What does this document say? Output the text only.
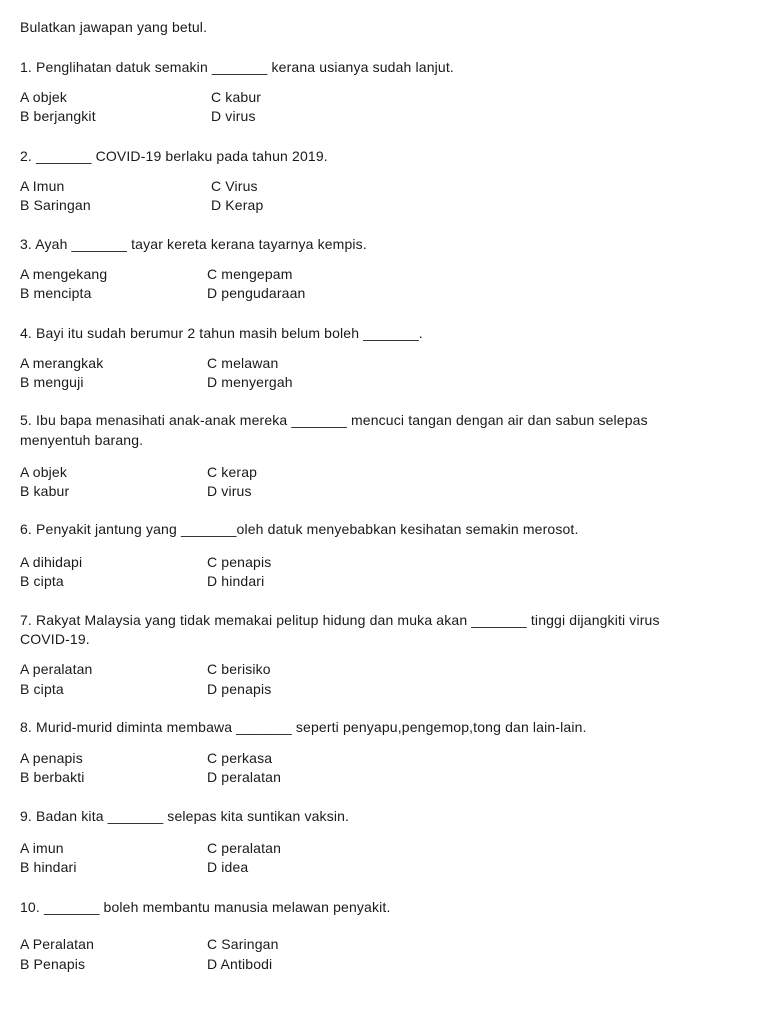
Bulatkan jawapan yang betul.
1. Penglihatan datuk semakin _______ kerana usianya sudah lanjut.
A objek
B berjangkit
C kabur
D virus
2. _______ COVID-19 berlaku pada tahun 2019.
A Imun
B Saringan
C Virus
D Kerap
3. Ayah _______ tayar kereta kerana tayarnya kempis.
A mengekang
B mencipta
C mengepam
D pengudaraan
4. Bayi itu sudah berumur 2 tahun masih belum boleh _______.
A merangkak
B menguji
C melawan
D menyergah
5. Ibu bapa menasihati anak-anak mereka _______ mencuci tangan dengan air dan sabun selepas
menyentuh barang.
A objek
B kabur
C kerap
D virus
6. Penyakit jantung yang _______oleh datuk menyebabkan kesihatan semakin merosot.
A dihidapi
B cipta
C penapis
D hindari
7. Rakyat Malaysia yang tidak memakai pelitup hidung dan muka akan _______ tinggi dijangkiti virus
COVID-19.
A peralatan
B cipta
C berisiko
D penapis
8. Murid-murid diminta membawa _______ seperti penyapu,pengemop,tong dan lain-lain.
A penapis
B berbakti
C perkasa
D peralatan
9. Badan kita _______ selepas kita suntikan vaksin.
A imun
B hindari
C peralatan
D idea
10. _______ boleh membantu manusia melawan penyakit.
A Peralatan
B Penapis
C Saringan
D Antibodi
